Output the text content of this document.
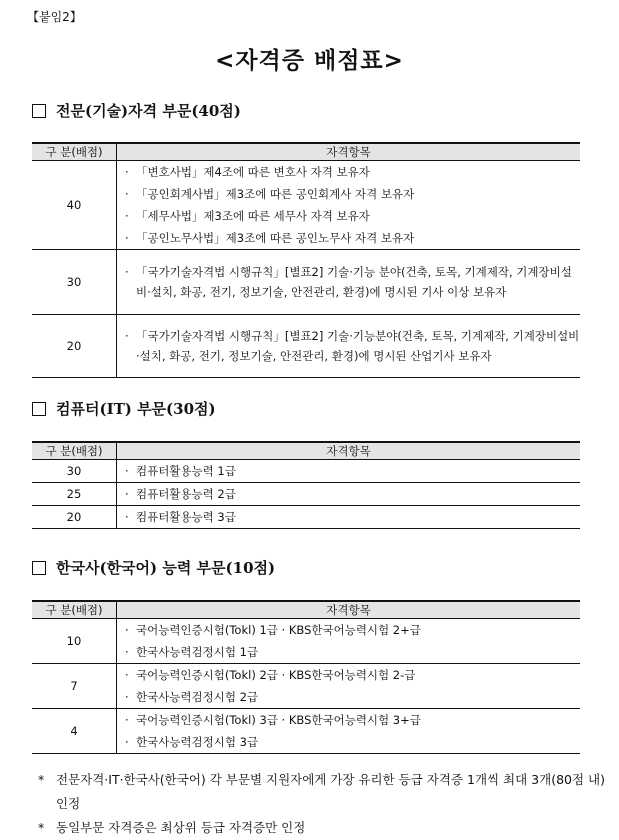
【붙임2】
<자격증 배점표>
전문(기술)자격 부문(40점)
구 분(배점)	자격항목
40	· 「변호사법」제4조에 따른 변호사 자격 보유자
· 「공인회계사법」제3조에 따른 공인회계사 자격 보유자
· 「세무사법」제3조에 따른 세무사 자격 보유자
· 「공인노무사법」제3조에 따른 공인노무사 자격 보유자

30	· 「국가기술자격법 시행규칙」[별표2] 기술·기능 분야(건축, 토목, 기계제작, 기계장비설비·설치, 화공, 전기, 정보기술, 안전관리, 환경)에 명시된 기사 이상 보유자

20	· 「국가기술자격법 시행규칙」[별표2] 기술·기능분야(건축, 토목, 기계제작, 기계장비설비·설치, 화공, 전기, 정보기술, 안전관리, 환경)에 명시된 산업기사 보유자
컴퓨터(IT) 부문(30점)
구 분(배점)	자격항목
30	· 컴퓨터활용능력 1급

25	· 컴퓨터활용능력 2급

20	· 컴퓨터활용능력 3급
한국사(한국어) 능력 부문(10점)
구 분(배점)	자격항목
10	· 국어능력인증시험(Tokl) 1급 · KBS한국어능력시험 2+급
· 한국사능력검정시험 1급

7	· 국어능력인증시험(Tokl) 2급 · KBS한국어능력시험 2-급
· 한국사능력검정시험 2급

4	· 국어능력인증시험(Tokl) 3급 · KBS한국어능력시험 3+급
· 한국사능력검정시험 3급
* 전문자격·IT·한국사(한국어) 각 부문별 지원자에게 가장 유리한 등급 자격증 1개씩 최대 3개(80점 내) 인정
* 동일부문 자격증은 최상위 등급 자격증만 인정
